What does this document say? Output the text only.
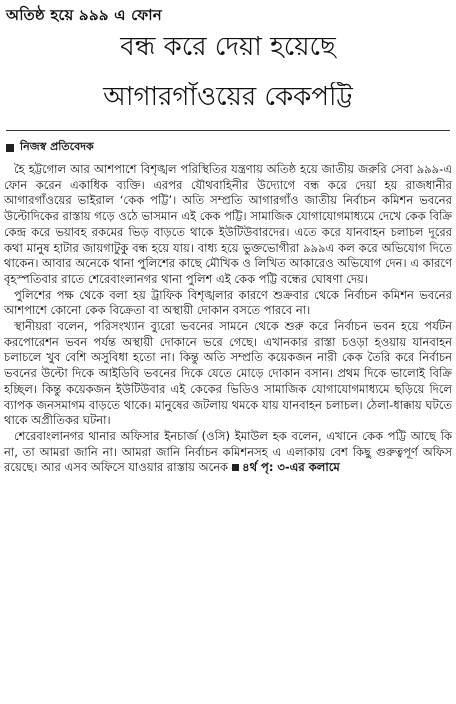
অতিষ্ঠ হয়ে ৯৯৯ এ ফোন
বন্ধ করে দেয়া হয়েছে
আগারগাঁওয়ের কেকপট্টি
নিজস্ব প্রতিবেদক

হৈ হট্টগোল আর আশপাশে বিশৃঙ্খল পরিস্থিতির যন্ত্রণায় অতিষ্ঠ হয়ে জাতীয় জরুরি সেবা ৯৯৯-এ ফোন করেন একাধিক ব্যক্তি। এরপর যৌথবাহিনীর উদ্যোগে বন্ধ করে দেয়া হয় রাজধানীর আগারগাঁওয়ের ভাইরাল ‘কেক পট্টি’। অতি সম্প্রতি আগারগাঁও জাতীয় নির্বাচন কমিশন ভবনের উল্টোদিকের রাস্তায় গড়ে ওঠে ভাসমান এই কেক পট্টি। সামাজিক যোগাযোগমাধ্যমে দেখে কেক বিক্রি কেন্দ্র করে ভয়াবহ রকমের ভিড় বাড়তে থাকে ইউটিউবারদের। এতে করে যানবাহন চলাচল দূরের কথা মানুষ হাটার জায়গাটুকু বন্ধ হয়ে যায়। বাধ্য হয়ে ভুক্তভোগীরা ৯৯৯এ কল করে অভিযোগ দিতে থাকেন। আবার অনেকে থানা পুলিশের কাছে মৌখিক ও লিখিত আকারেও অভিযোগ দেন। এ কারণে বৃহস্পতিবার রাতে শেরেবাংলানগর থানা পুলিশ এই কেক পট্টি বন্ধের ঘোষণা দেয়।

পুলিশের পক্ষ থেকে বলা হয় ট্রাফিক বিশৃঙ্খলার কারণে শুক্রবার থেকে নির্বাচন কমিশন ভবনের আশপাশে কোনো কেক বিক্রেতা বা অস্থায়ী দোকান বসতে পারবে না।

স্থানীয়রা বলেন, পরিসংখ্যান ব্যুরো ভবনের সামনে থেকে শুরু করে নির্বাচন ভবন হয়ে পর্যটন করপোরেশন ভবন পর্যন্ত অস্থায়ী দোকানে ভরে গেছে। এখানকার রাস্তা চওড়া হওয়ায় যানবাহন চলাচলে খুব বেশি অসুবিধা হতো না। কিন্তু অতি সম্প্রতি কয়েকজন নারী কেক তৈরি করে নির্বাচন ভবনের উল্টো দিকে আইডিবি ভবনের দিকে যেতে মোড়ে দোকান বসান। প্রথম দিকে ভালোই বিক্রি হচ্ছিল। কিন্তু কয়েকজন ইউটিউবার এই কেকের ভিডিও সামাজিক যোগাযোগমাধ্যমে ছড়িয়ে দিলে ব্যাপক জনসমাগম বাড়তে থাকে। মানুষের জটলায় থমকে যায় যানবাহন চলাচল। ঠেলা-ধাক্কায় ঘটতে থাকে অপ্রীতিকর ঘটনা।

শেরেবাংলানগর থানার অফিসার ইনচার্জ (ওসি) ইমাউল হক বলেন, এখানে কেক পট্টি আছে কি না, তা আমরা জানি না। আমরা জানি নির্বাচন কমিশনসহ এ এলাকায় বেশ কিছু গুরুত্বপূর্ণ অফিস রয়েছে। আর এসব অফিসে যাওয়ার রাস্তায় অনেক ৪র্থ পৃ: ৩-এর কলামে
